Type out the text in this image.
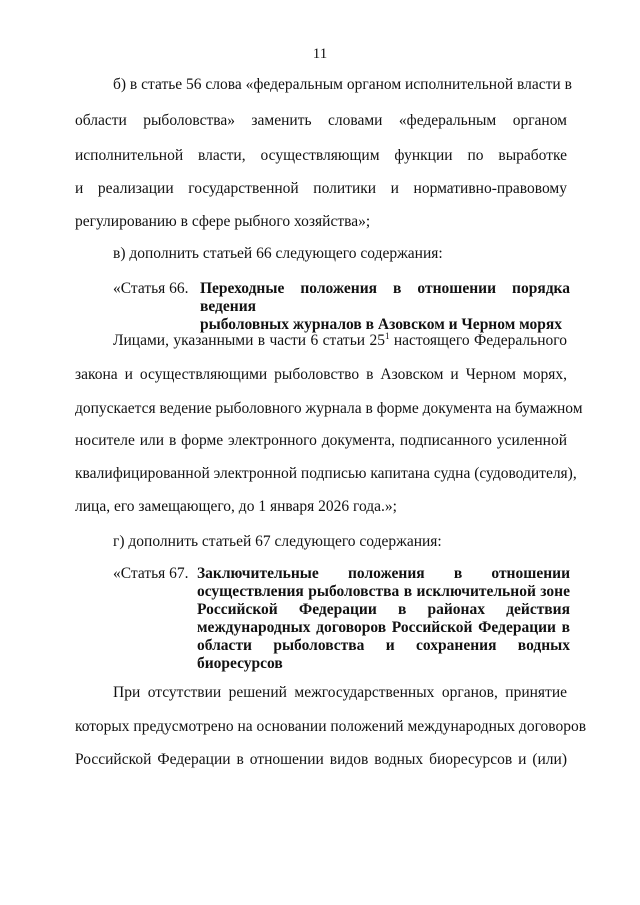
11
б) в статье 56 слова «федеральным органом исполнительной власти в
области рыболовства» заменить словами «федеральным органом
исполнительной власти, осуществляющим функции по выработке
и реализации государственной политики и нормативно-правовому
регулированию в сфере рыбного хозяйства»;
в) дополнить статьей 66 следующего содержания:
«Статья 66. Переходные положения в отношении порядка ведения
рыболовных журналов в Азовском и Черном морях
Лицами, указанными в части 6 статьи $25^1$ настоящего Федерального
закона и осуществляющими рыболовство в Азовском и Черном морях,
допускается ведение рыболовного журнала в форме документа на бумажном
носителе или в форме электронного документа, подписанного усиленной
квалифицированной электронной подписью капитана судна (судоводителя),
лица, его замещающего, до 1 января 2026 года.»;
г) дополнить статьей 67 следующего содержания:
«Статья 67. Заключительные положения в отношении
осуществления рыболовства в исключительной зоне
Российской Федерации в районах действия
международных договоров Российской Федерации в
области рыболовства и сохранения водных
биоресурсов
При отсутствии решений межгосударственных органов, принятие
которых предусмотрено на основании положений международных договоров
Российской Федерации в отношении видов водных биоресурсов и (или)
